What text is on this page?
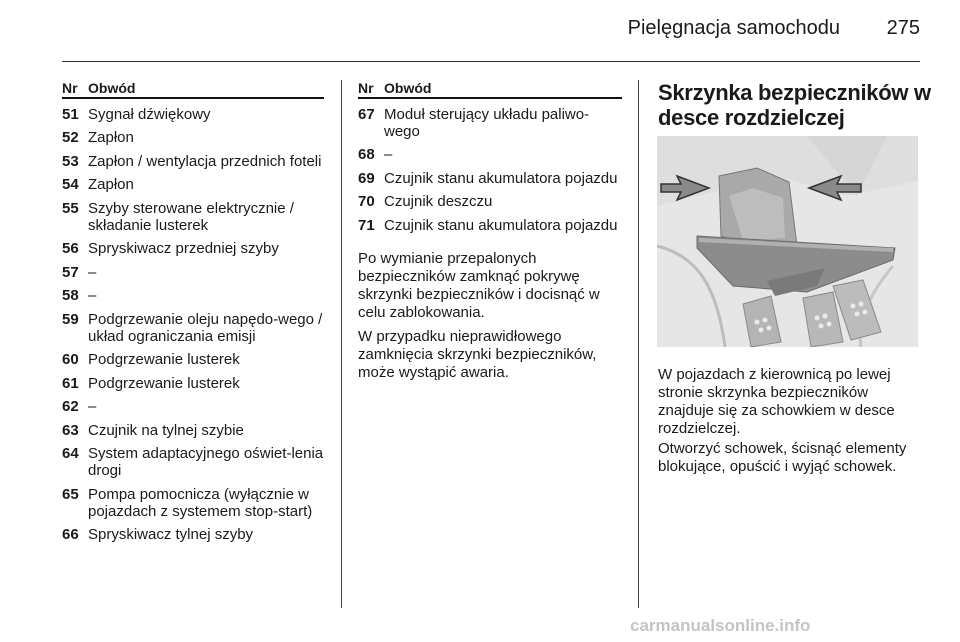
Pielęgnacja samochodu	275
Nr Obwód
51 Sygnał dźwiękowy
52 Zapłon
53 Zapłon / wentylacja przednich foteli
54 Zapłon
55 Szyby sterowane elektrycznie / składanie lusterek
56 Spryskiwacz przedniej szyby
57 –
58 –
59 Podgrzewanie oleju napędo-wego / układ ograniczania emisji
60 Podgrzewanie lusterek
61 Podgrzewanie lusterek
62 –
63 Czujnik na tylnej szybie
64 System adaptacyjnego oświet-lenia drogi
65 Pompa pomocnicza (wyłącznie w pojazdach z systemem stop-start)
66 Spryskiwacz tylnej szyby
Nr Obwód
67 Moduł sterujący układu paliwo-wego
68 –
69 Czujnik stanu akumulatora pojazdu
70 Czujnik deszczu
71 Czujnik stanu akumulatora pojazdu

Po wymianie przepalonych bezpieczników zamknąć pokrywę skrzynki bezpieczników i docisnąć w celu zablokowania.

W przypadku nieprawidłowego zamknięcia skrzynki bezpieczników, może wystąpić awaria.

Skrzynka bezpieczników w desce rozdzielczej

W pojazdach z kierownicą po lewej stronie skrzynka bezpieczników znajduje się za schowkiem w desce rozdzielczej.

Otworzyć schowek, ścisnąć elementy blokujące, opuścić i wyjąć schowek.

carmanualsonline.info
